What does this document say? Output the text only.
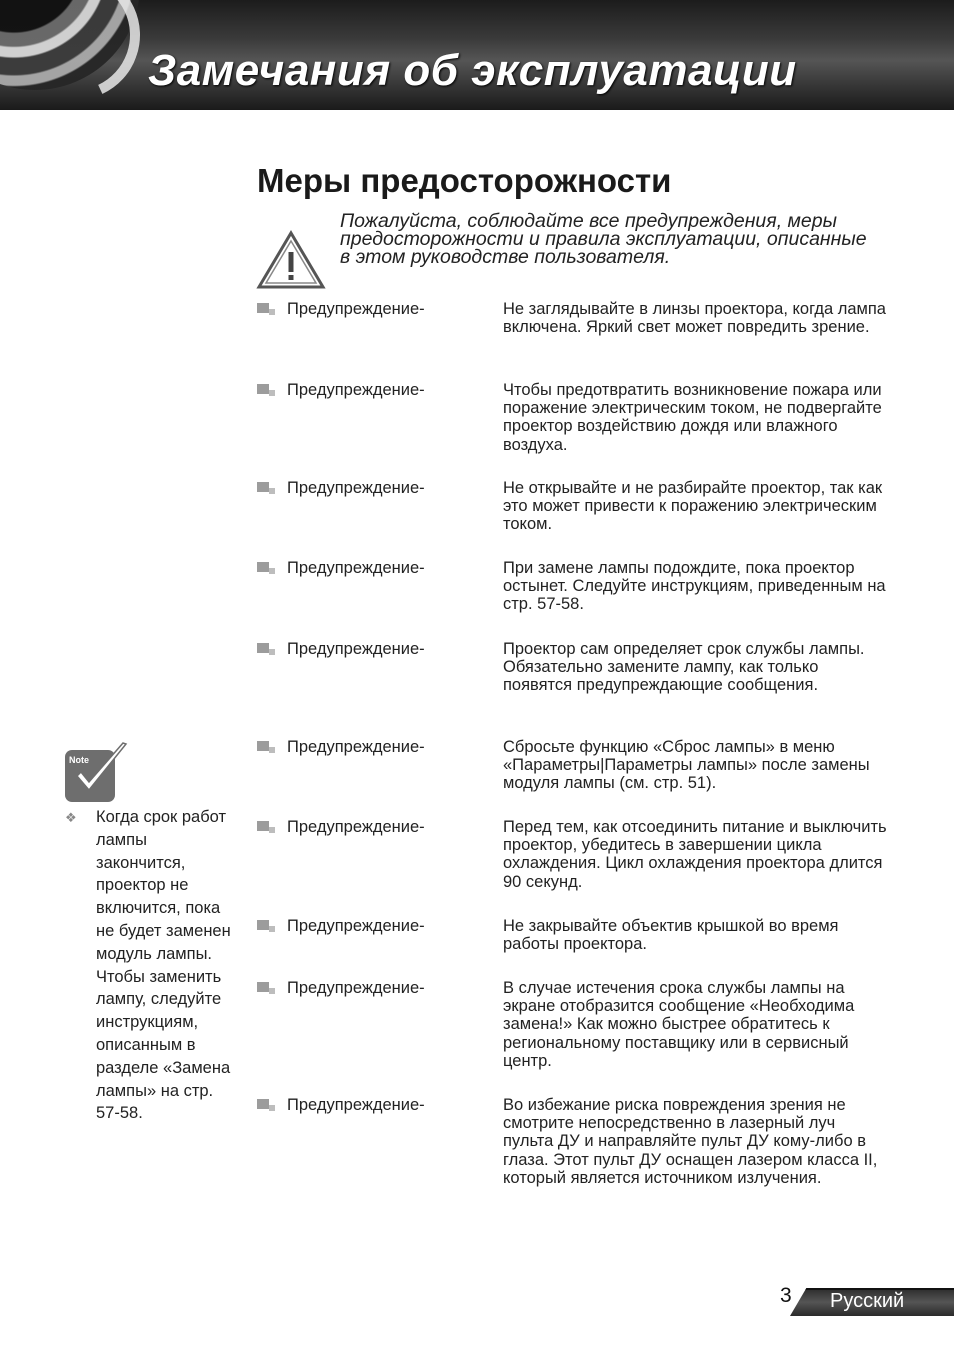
Замечания об эксплуатации
Меры предосторожности
Пожалуйста, соблюдайте все предупреждения, меры предосторожности и правила эксплуатации, описанные в этом руководстве пользователя.
Предупреждение-	Не заглядывайте в линзы проектора, когда лампа включена. Яркий свет может повредить зрение.
Предупреждение-	Чтобы предотвратить возникновение пожара или поражение электрическим током, не подвергайте проектор воздействию дождя или влажного воздуха.
Предупреждение-	Не открывайте и не разбирайте проектор, так как это может привести к поражению электрическим током.
Предупреждение-	При замене лампы подождите, пока проектор остынет. Следуйте инструкциям, приведенным на стр. 57-58.
Предупреждение-	Проектор сам определяет срок службы лампы. Обязательно замените лампу, как только появятся предупреждающие сообщения.
Предупреждение-	Сбросьте функцию «Сброс лампы» в меню «Параметры|Параметры лампы» после замены модуля лампы (см. стр. 51).
Предупреждение-	Перед тем, как отсоединить питание и выключить проектор, убедитесь в завершении цикла охлаждения. Цикл охлаждения проектора длится 90 секунд.
Предупреждение-	Не закрывайте объектив крышкой во время работы проектора.
Предупреждение-	В случае истечения срока службы лампы на экране отобразится сообщение «Необходима замена!» Как можно быстрее обратитесь к региональному поставщику или в сервисный центр.
Предупреждение-	Во избежание риска повреждения зрения не смотрите непосредственно в лазерный луч пульта ДУ и направляйте пульт ДУ кому-либо в глаза. Этот пульт ДУ оснащен лазером класса II, который является источником излучения.
Note
❖ Когда срок работ лампы закончится, проектор не включится, пока не будет заменен модуль лампы. Чтобы заменить лампу, следуйте инструкциям, описанным в разделе «Замена лампы» на стр. 57-58.
3 Русский
